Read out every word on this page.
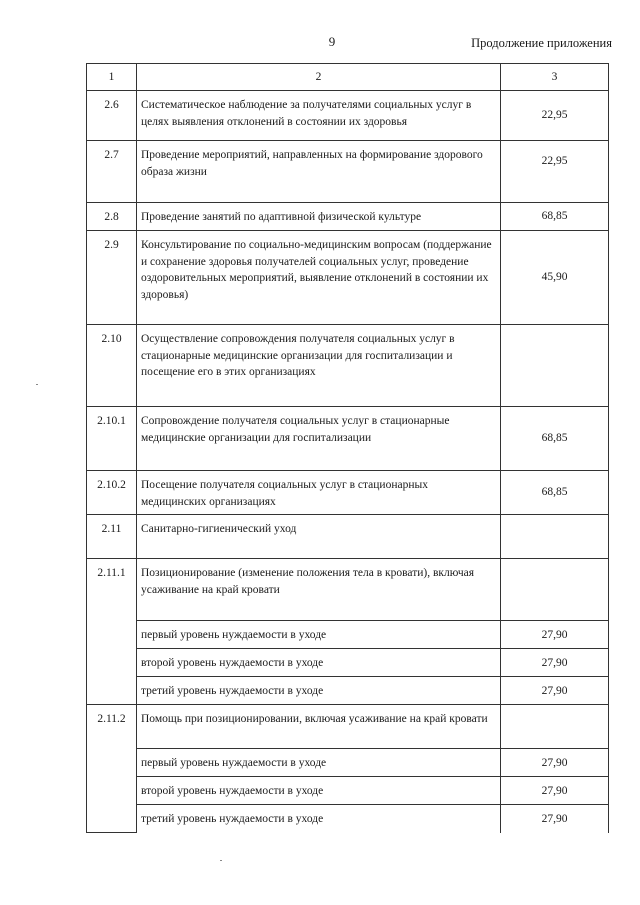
9	Продолжение приложения
1	2	3
2.6	Систематическое наблюдение за получателями социальных услуг в целях выявления отклонений в состоянии их здоровья	22,95
2.7	Проведение мероприятий, направленных на формирование здорового образа жизни	22,95
2.8	Проведение занятий по адаптивной физической культуре	68,85
2.9	Консультирование по социально-медицинским вопросам (поддержание и сохранение здоровья получателей социальных услуг, проведение оздоровительных мероприятий, выявление отклонений в состоянии их здоровья)	45,90
2.10	Осуществление сопровождения получателя социальных услуг в стационарные медицинские организации для госпитализации и посещение его в этих организациях	
2.10.1	Сопровождение получателя социальных услуг в стационарные медицинские организации для госпитализации	68,85
2.10.2	Посещение получателя социальных услуг в стационарных медицинских организациях	68,85
2.11	Санитарно-гигиенический уход	
2.11.1	Позиционирование (изменение положения тела в кровати), включая усаживание на край кровати	
	первый уровень нуждаемости в уходе	27,90
	второй уровень нуждаемости в уходе	27,90
	третий уровень нуждаемости в уходе	27,90
2.11.2	Помощь при позиционировании, включая усаживание на край кровати	
	первый уровень нуждаемости в уходе	27,90
	второй уровень нуждаемости в уходе	27,90
	третий уровень нуждаемости в уходе	27,90
